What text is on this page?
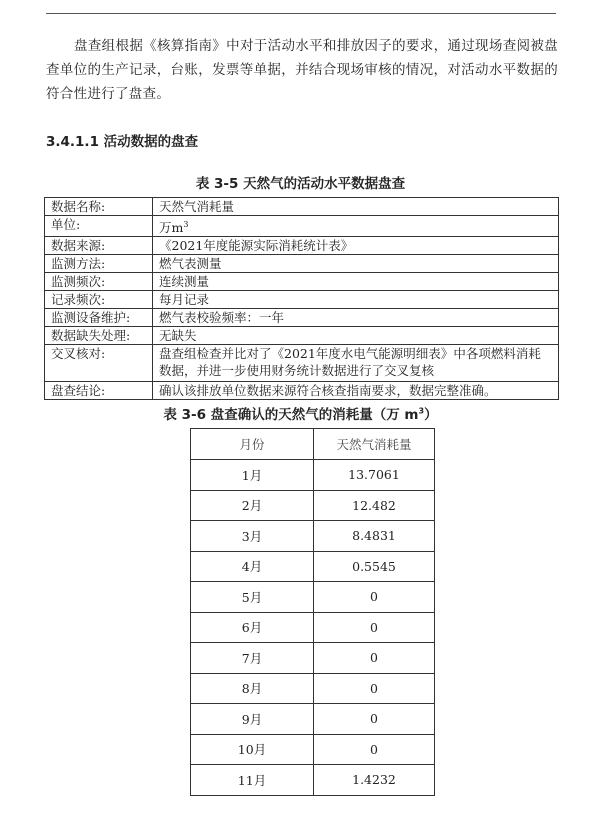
盘查组根据《核算指南》中对于活动水平和排放因子的要求，通过现场查阅被盘查单位的生产记录，台账，发票等单据，并结合现场审核的情况，对活动水平数据的符合性进行了盘查。

3.4.1.1 活动数据的盘查
表 3-5 天然气的活动水平数据盘查
数据名称:	天然气消耗量
单位:	万$m^3$
数据来源:	《2021年度能源实际消耗统计表》
监测方法:	燃气表测量
监测频次:	连续测量
记录频次:	每月记录
监测设备维护:	燃气表校验频率：一年
数据缺失处理:	无缺失
交叉核对:	盘查组检查并比对了《2021年度水电气能源明细表》中各项燃料消耗数据，并进一步使用财务统计数据进行了交叉复核
盘查结论:	确认该排放单位数据来源符合核查指南要求，数据完整准确。
表 3-6 盘查确认的天然气的消耗量（万 $m^3$）
月份	天然气消耗量
1月	13.7061
2月	12.482
3月	8.4831
4月	0.5545
5月	0
6月	0
7月	0
8月	0
9月	0
10月	0
11月	1.4232
